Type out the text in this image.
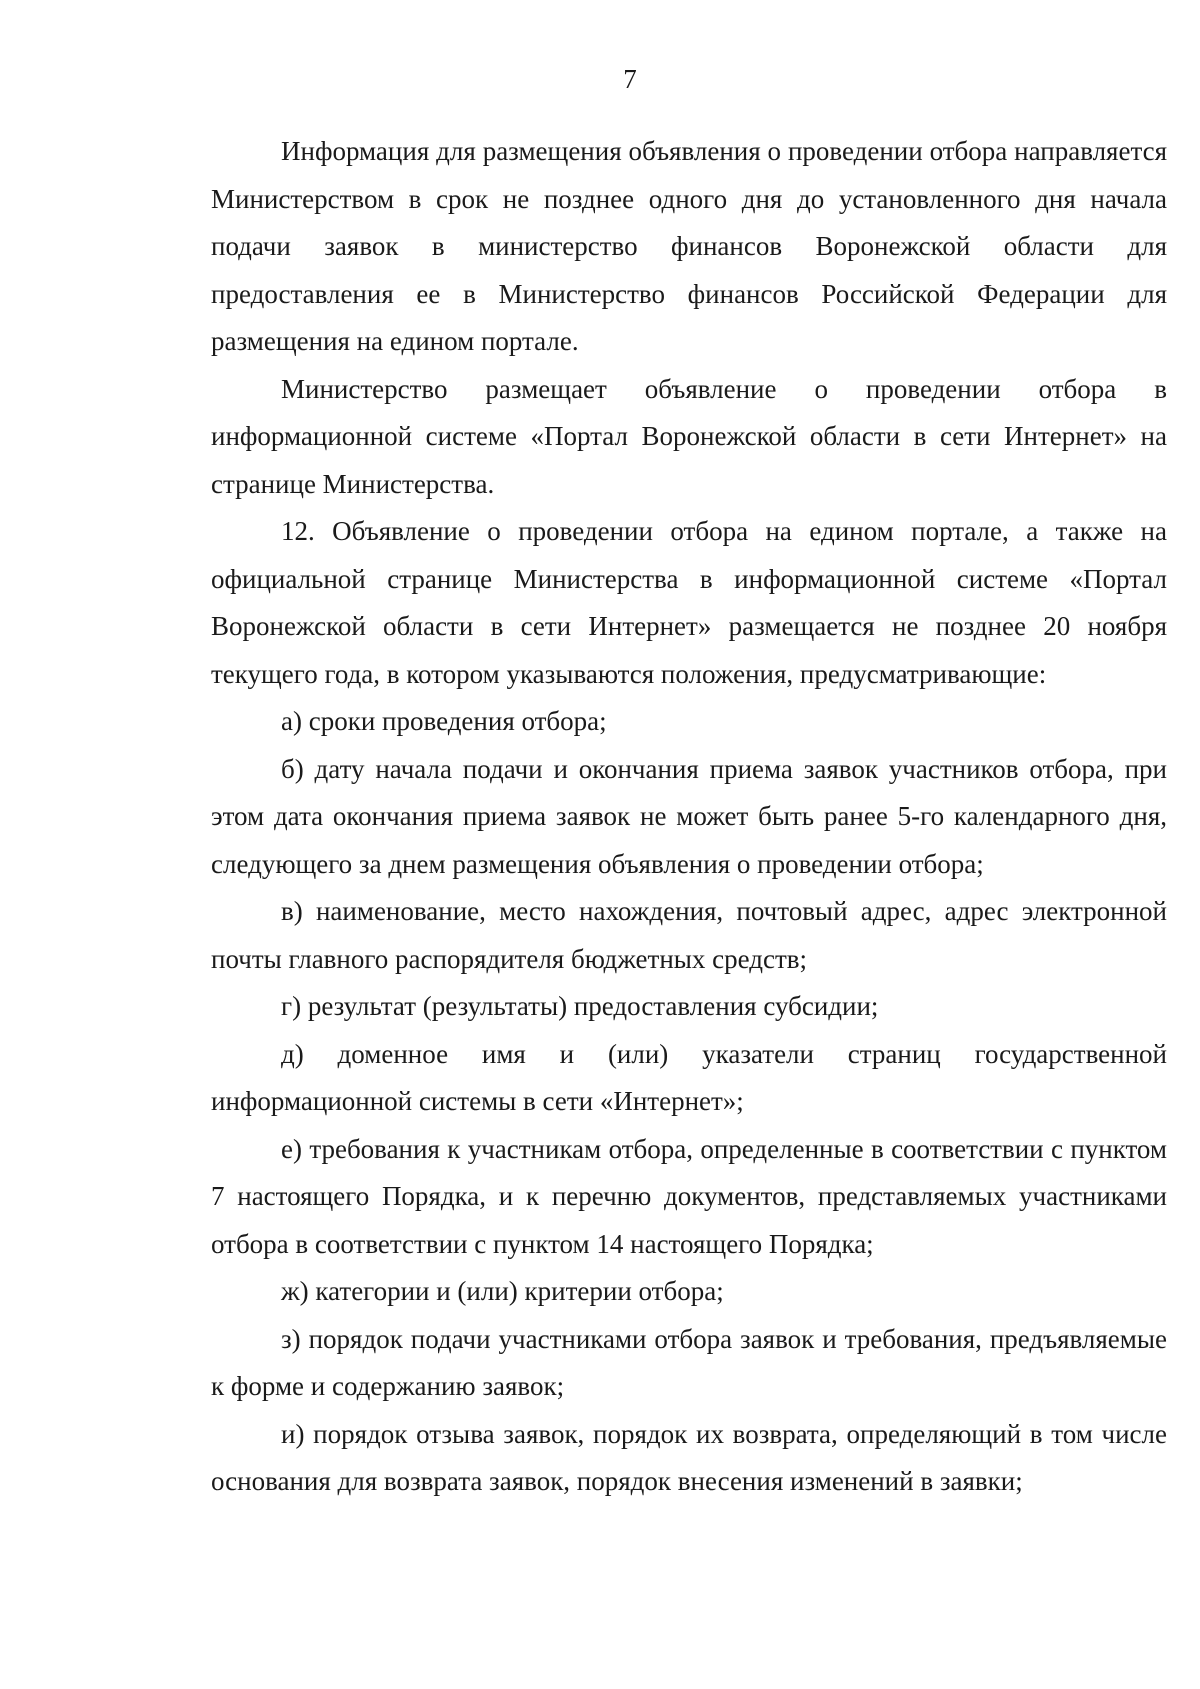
7

Информация для размещения объявления о проведении отбора направляется Министерством в срок не позднее одного дня до установленного дня начала подачи заявок в министерство финансов Воронежской области для предоставления ее в Министерство финансов Российской Федерации для размещения на едином портале.

Министерство размещает объявление о проведении отбора в информационной системе «Портал Воронежской области в сети Интернет» на странице Министерства.

12. Объявление о проведении отбора на едином портале, а также на официальной странице Министерства в информационной системе «Портал Воронежской области в сети Интернет» размещается не позднее 20 ноября текущего года, в котором указываются положения, предусматривающие:

а) сроки проведения отбора;

б) дату начала подачи и окончания приема заявок участников отбора, при этом дата окончания приема заявок не может быть ранее 5-го календарного дня, следующего за днем размещения объявления о проведении отбора;

в) наименование, место нахождения, почтовый адрес, адрес электронной почты главного распорядителя бюджетных средств;

г) результат (результаты) предоставления субсидии;

д) доменное имя и (или) указатели страниц государственной информационной системы в сети «Интернет»;

е) требования к участникам отбора, определенные в соответствии с пунктом 7 настоящего Порядка, и к перечню документов, представляемых участниками отбора в соответствии с пунктом 14 настоящего Порядка;

ж) категории и (или) критерии отбора;

з) порядок подачи участниками отбора заявок и требования, предъявляемые к форме и содержанию заявок;

и) порядок отзыва заявок, порядок их возврата, определяющий в том числе основания для возврата заявок, порядок внесения изменений в заявки;
